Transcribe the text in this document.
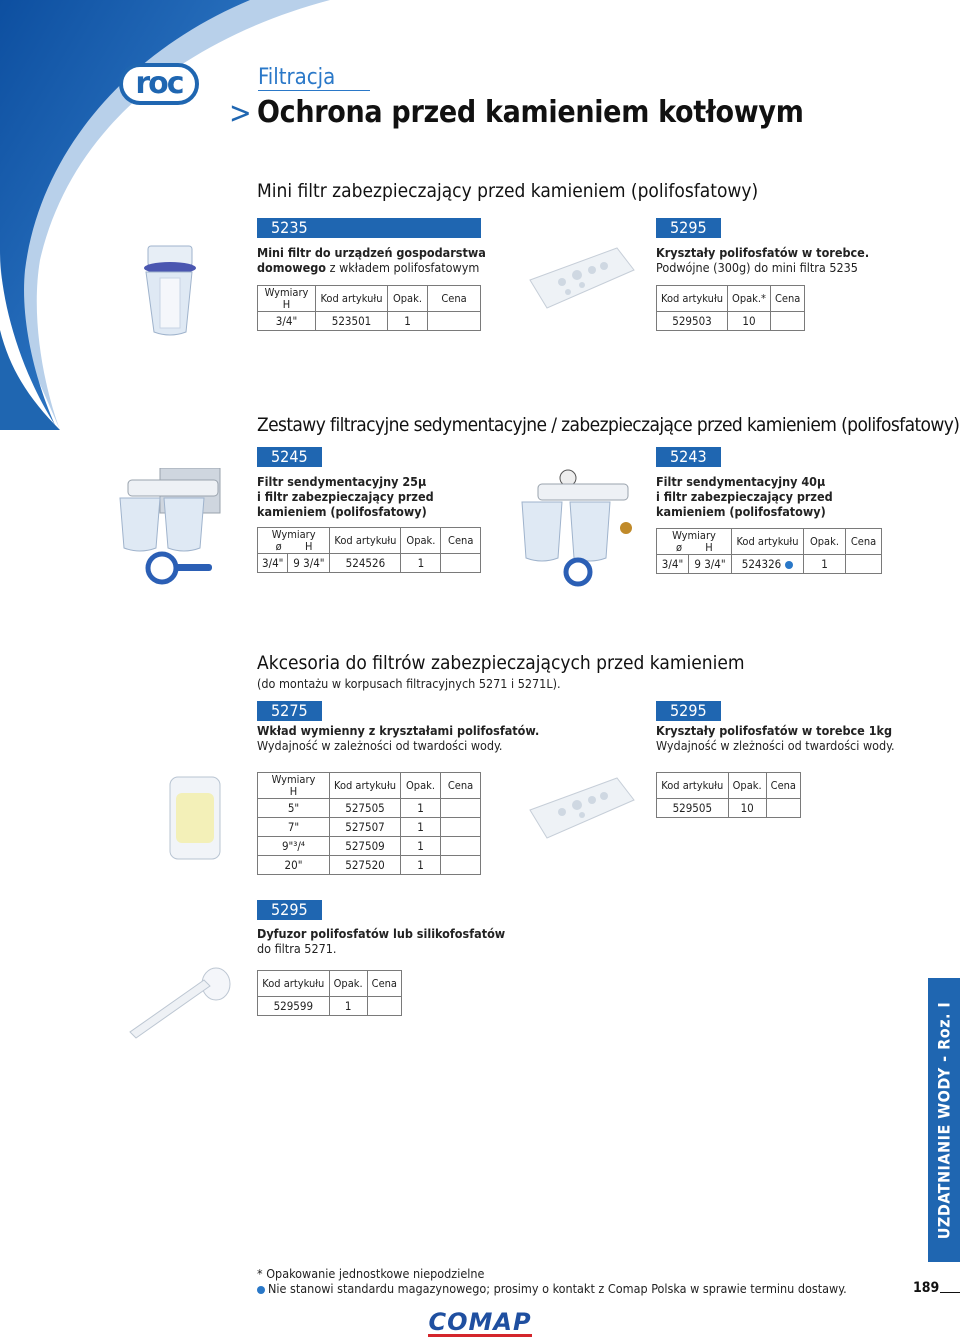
roc	Filtracja
> Ochrona przed kamieniem kotłowym
Mini filtr zabezpieczający przed kamieniem (polifosfatowy)
5235
Mini filtr do urządzeń gospodarstwa
domowego z wkładem polifosfatowym
Wymiary
H	Kod artykułu	Opak.	Cena
3/4"	523501	1	
5295
Kryształy polifosfatów w torebce.
Podwójne (300g) do mini filtra 5235
Kod artykułu	Opak.*	Cena
529503	10	
Zestawy filtracyjne sedymentacyjne / zabezpieczające przed kamieniem (polifosfatowy)
5245
Filtr sendymentacyjny 25µ
i filtr zabezpieczający przed
kamieniem (polifosfatowy)
Wymiary
ø H		Kod artykułu	Opak.	Cena
3/4"	9 3/4"	524526	1	
5243
Filtr sendymentacyjny 40µ
i filtr zabezpieczający przed
kamieniem (polifosfatowy)
Wymiary
ø H		Kod artykułu	Opak.	Cena
3/4"	9 3/4"	524326	1	
Akcesoria do filtrów zabezpieczających przed kamieniem
(do montażu w korpusach filtracyjnych 5271 i 5271L).
5275
Wkład wymienny z kryształami polifosfatów.
Wydajność w zależności od twardości wody.
Wymiary
H	Kod artykułu	Opak.	Cena
5"	527505	1	
7"	527507	1	
9"³/⁴	527509	1	
20"	527520	1	
5295
Kryształy polifosfatów w torebce 1kg
Wydajność w zleżności od twardości wody.
Kod artykułu	Opak.	Cena
529505	10	
5295
Dyfuzor polifosfatów lub silikofosfatów
do filtra 5271.
Kod artykułu	Opak.	Cena
529599	1		UZDATNIANIE WODY - Roz. I
* Opakowanie jednostkowe niepodzielne
Nie stanowi standardu magazynowego; prosimy o kontakt z Comap Polska w sprawie terminu dostawy.	189
COMAP
